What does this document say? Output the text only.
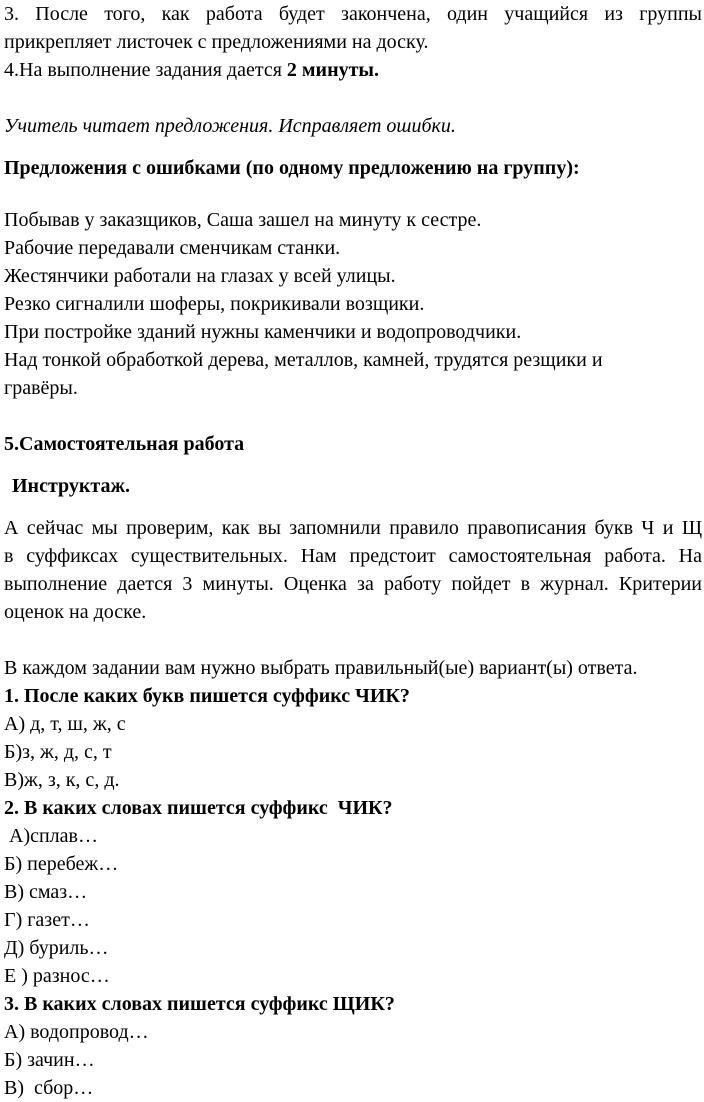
3. После того, как работа будет закончена, один учащийся из группы
прикрепляет листочек с предложениями на доску.
4.На выполнение задания дается 2 минуты.
Учитель читает предложения. Исправляет ошибки.
Предложения с ошибками (по одному предложению на группу):
Побывав у заказщиков, Саша зашел на минуту к сестре.
Рабочие передавали сменчикам станки.
Жестянчики работали на глазах у всей улицы.
Резко сигналили шоферы, покрикивали возщики.
При постройке зданий нужны каменчики и водопроводчики.
Над тонкой обработкой дерева, металлов, камней, трудятся резщики и
гравёры.
5.Самостоятельная работа
Инструктаж.
А сейчас мы проверим, как вы запомнили правило правописания букв Ч и Щ
в суффиксах существительных. Нам предстоит самостоятельная работа. На
выполнение дается 3 минуты. Оценка за работу пойдет в журнал. Критерии
оценок на доске.
В каждом задании вам нужно выбрать правильный(ые) вариант(ы) ответа.
1. После каких букв пишется суффикс ЧИК?
А) д, т, ш, ж, с
Б)з, ж, д, с, т
В)ж, з, к, с, д.
2. В каких словах пишется суффикс  ЧИК?
А)сплав…
Б) перебеж…
В) смаз…
Г) газет…
Д) буриль…
Е ) разнос…
3. В каких словах пишется суффикс ЩИК?
А) водопровод…
Б) зачин…
В)  сбор…
